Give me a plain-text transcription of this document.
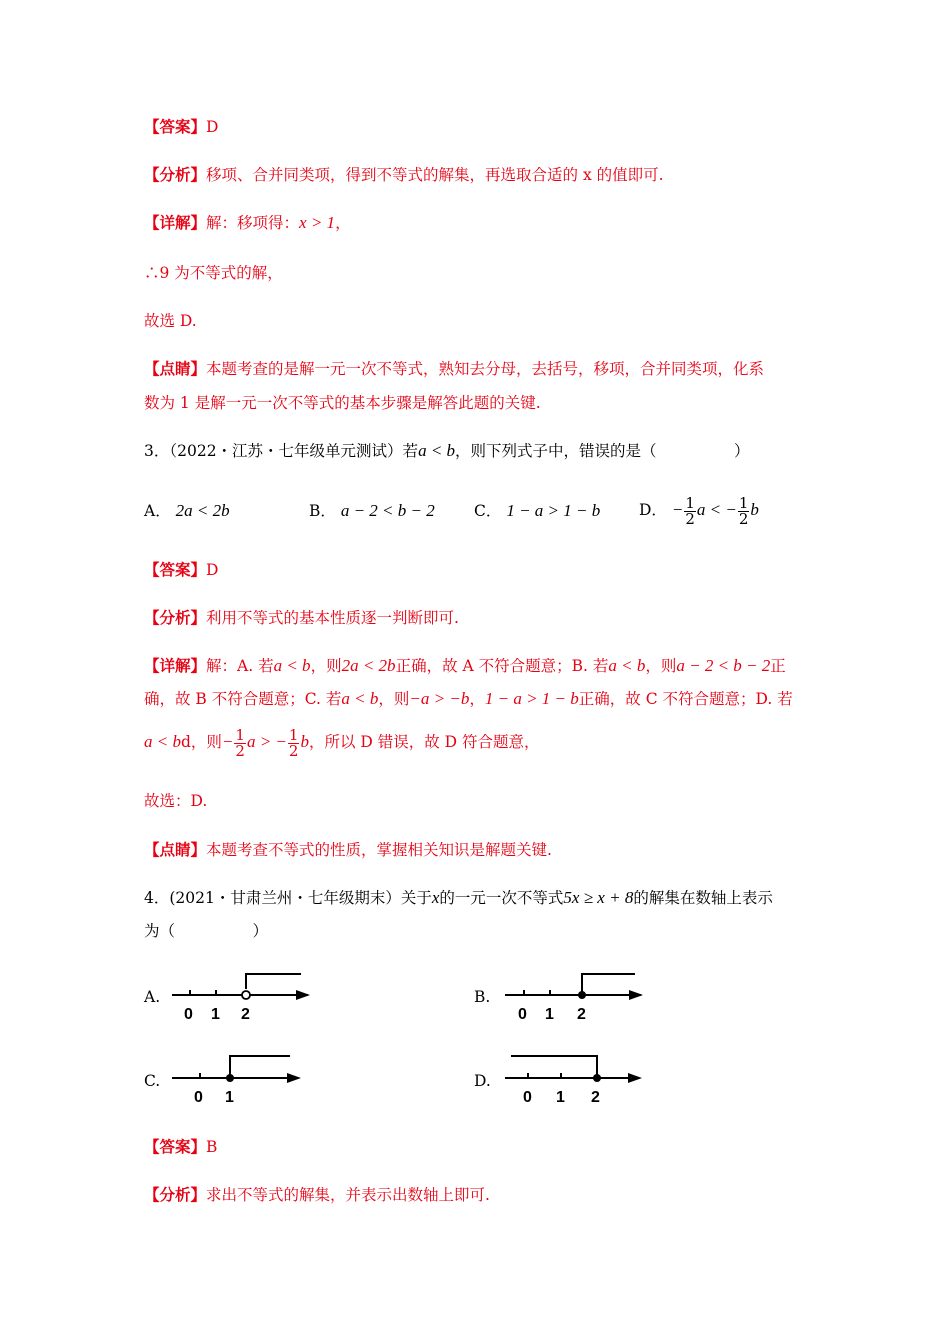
【答案】D
【分析】移项、合并同类项，得到不等式的解集，再选取合适的 x 的值即可.
【详解】解：移项得：x > 1，
∴9 为不等式的解，
故选 D.
【点睛】本题考查的是解一元一次不等式，熟知去分母，去括号，移项，合并同类项，化系
数为 1 是解一元一次不等式的基本步骤是解答此题的关键.
3．（2022・江苏・七年级单元测试）若a < b，则下列式子中，错误的是（　　　　　）
A． 2a < 2b	B． a − 2 < b − 2	C． 1 − a > 1 − b	D． − $\frac{1}{2}$ a < − $\frac{1}{2}$ b
【答案】D
【分析】利用不等式的基本性质逐一判断即可.
【详解】解：A. 若a < b，则2a < 2b正确，故 A 不符合题意；B. 若a < b，则a − 2 < b − 2正
确，故 B 不符合题意；C. 若a < b，则−a > −b，1 − a > 1 − b正确，故 C 不符合题意；D. 若
a < bd，则− $\frac{1}{2}$ a > − $\frac{1}{2}$ b，所以 D 错误，故 D 符合题意，
故选：D.
【点睛】本题考查不等式的性质，掌握相关知识是解题关键.
4．(2021・甘肃兰州・七年级期末）关于x的一元一次不等式5x ≥ x + 8的解集在数轴上表示
为（　　　　　）
A.
0 1 2
B.
0 1 2
C.
0 1
D.
0 1 2
【答案】B
【分析】求出不等式的解集，并表示出数轴上即可.
